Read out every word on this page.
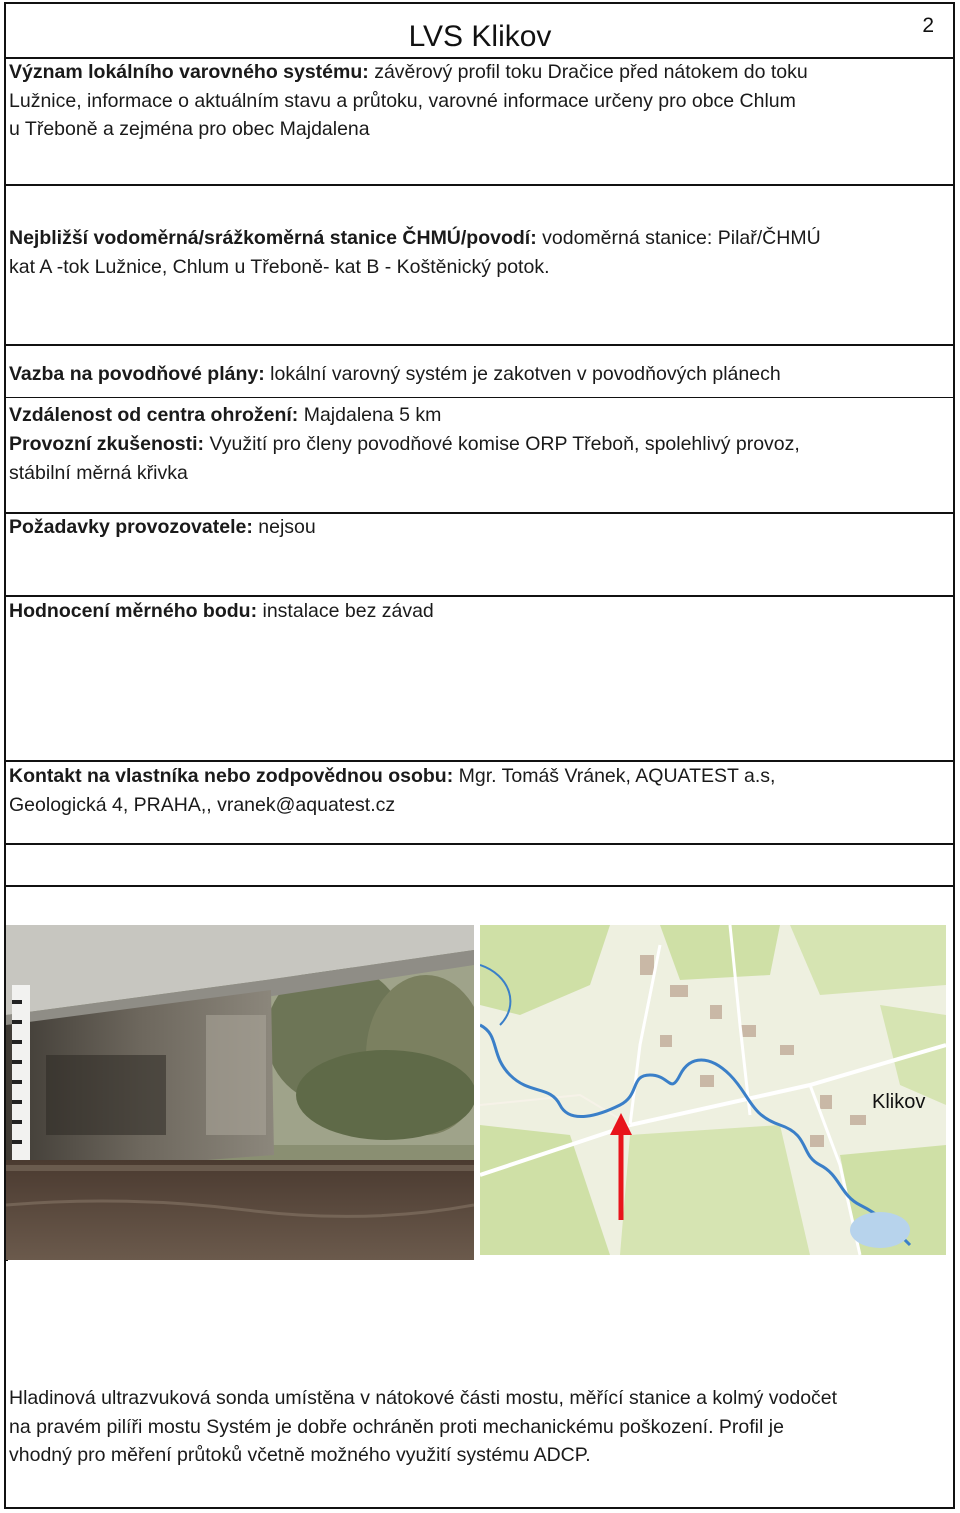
LVS Klikov	2
Význam lokálního varovného systému: závěrový profil toku Dračice před nátokem do toku
Lužnice, informace o aktuálním stavu a průtoku, varovné informace určeny pro obce Chlum
u Třeboně a zejména pro obec Majdalena
Nejbližší vodoměrná/srážkoměrná stanice ČHMÚ/povodí: vodoměrná stanice: Pilař/ČHMÚ
kat A -tok Lužnice, Chlum u Třeboně- kat B - Koštěnický potok.
Vazba na povodňové plány: lokální varovný systém je zakotven v povodňových plánech
Vzdálenost od centra ohrožení: Majdalena 5 km
Provozní zkušenosti: Využití pro členy povodňové komise ORP Třeboň, spolehlivý provoz,
stábilní měrná křivka
Požadavky provozovatele: nejsou
Hodnocení měrného bodu: instalace bez závad
Kontakt na vlastníka nebo zodpovědnou osobu: Mgr. Tomáš Vránek, AQUATEST a.s,
Geologická 4, PRAHA,, vranek@aquatest.cz
Klikov
Hladinová ultrazvuková sonda umístěna v nátokové části mostu, měřící stanice a kolmý vodočet
na pravém pilíři mostu Systém je dobře ochráněn proti mechanickému poškození. Profil je
vhodný pro měření průtoků včetně možného využití systému ADCP.
